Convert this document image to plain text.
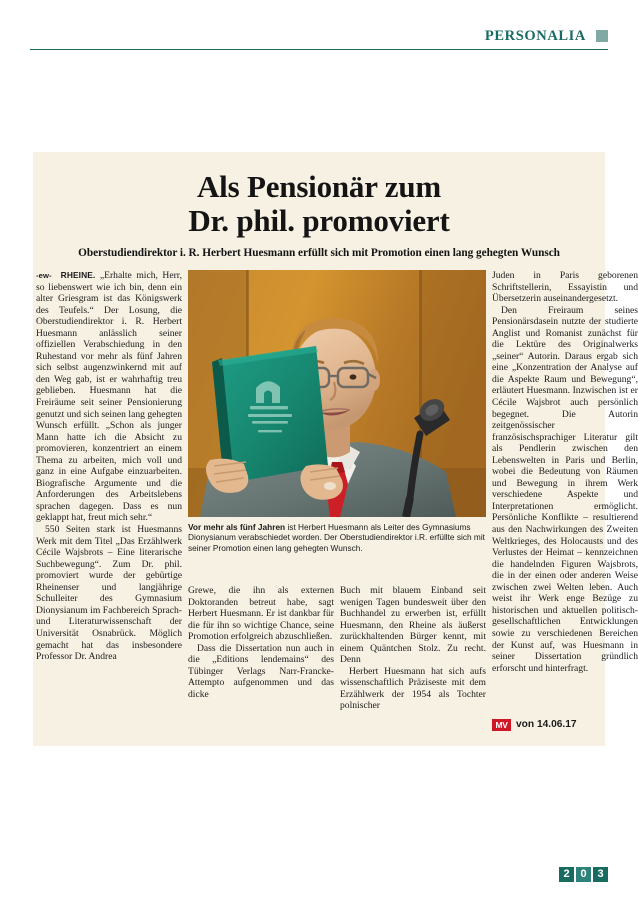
PERSONALIA
Als Pensionär zum
Dr. phil. promoviert
Oberstudiendirektor i. R. Herbert Huesmann erfüllt sich mit Promotion einen lang gehegten Wunsch
Vor mehr als fünf Jahren ist Herbert Huesmann als Leiter des Gymnasiums Dionysianum verabschiedet worden. Der Oberstudiendirektor i.R. erfüllte sich mit seiner Promotion einen lang gehegten Wunsch.

-ew- RHEINE. „Erhalte mich, Herr, so liebenswert wie ich bin, denn ein alter Griesgram ist das Königswerk des Teufels.“ Der Losung, die Oberstudiendirektor i. R. Herbert Huesmann anlässlich seiner offiziellen Verabschiedung in den Ruhestand vor mehr als fünf Jahren sich selbst augenzwinkernd mit auf den Weg gab, ist er wahrhaftig treu geblieben. Huesmann hat die Freiräume seit seiner Pensionierung genutzt und sich seinen lang gehegten Wunsch erfüllt. „Schon als junger Mann hatte ich die Absicht zu promovieren, konzentriert an einem Thema zu arbeiten, mich voll und ganz in eine Aufgabe einzuarbeiten. Biografische Argumente und die Anforderungen des Arbeitslebens sprachen dagegen. Dass es nun geklappt hat, freut mich sehr.“

550 Seiten stark ist Huesmanns Werk mit dem Titel „Das Erzählwerk Cécile Wajsbrots – Eine literarische Suchbewegung“. Zum Dr. phil. promoviert wurde der gebürtige Rheinenser und langjährige Schulleiter des Gymnasium Dionysianum im Fachbereich Sprach- und Literaturwissenschaft der Universität Osnabrück. Möglich gemacht hat das insbesondere Professor Dr. Andrea

Grewe, die ihn als externen Doktoranden betreut habe, sagt Herbert Huesmann. Er ist dankbar für die für ihn so wichtige Chance, seine Promotion erfolgreich abzuschließen.

Dass die Dissertation nun auch in die „Editions lendemains“ des Tübinger Verlags Narr-Francke-Attempto aufgenommen und das dicke

Buch mit blauem Einband seit wenigen Tagen bundesweit über den Buchhandel zu erwerben ist, erfüllt Huesmann, den Rheine als äußerst zurückhaltenden Bürger kennt, mit einem Quäntchen Stolz. Zu recht. Denn

Herbert Huesmann hat sich aufs wissenschaftlich Präziseste mit dem Erzählwerk der 1954 als Tochter polnischer

Juden in Paris geborenen Schriftstellerin, Essayistin und Übersetzerin auseinandergesetzt.

Den Freiraum seines Pensionärsdasein nutzte der studierte Anglist und Romanist zunächst für die Lektüre des Originalwerks „seiner“ Autorin. Daraus ergab sich eine „Konzentration der Analyse auf die Aspekte Raum und Bewegung“, erläutert Huesmann. Inzwischen ist er Cécile Wajsbrot auch persönlich begegnet. Die Autorin zeitgenössischer französischsprachiger Literatur gilt als Pendlerin zwischen den Lebenswelten in Paris und Berlin, wobei die Bedeutung von Räumen und Bewegung in ihrem Werk verschiedene Aspekte und Interpretationen ermöglicht. Persönliche Konflikte – resultierend aus den Nachwirkungen des Zweiten Weltkrieges, des Holocausts und des Verlustes der Heimat – kennzeichnen die handelnden Figuren Wajsbrots, die in der einen oder anderen Weise zwischen zwei Welten leben. Auch weist ihr Werk enge Bezüge zu historischen und aktuellen politisch-gesellschaftlichen Entwicklungen sowie zu verschiedenen Bereichen der Kunst auf, was Huesmann in seiner Dissertation gründlich erforscht und hinterfragt.

MV von 14.06.17
2 0 3
